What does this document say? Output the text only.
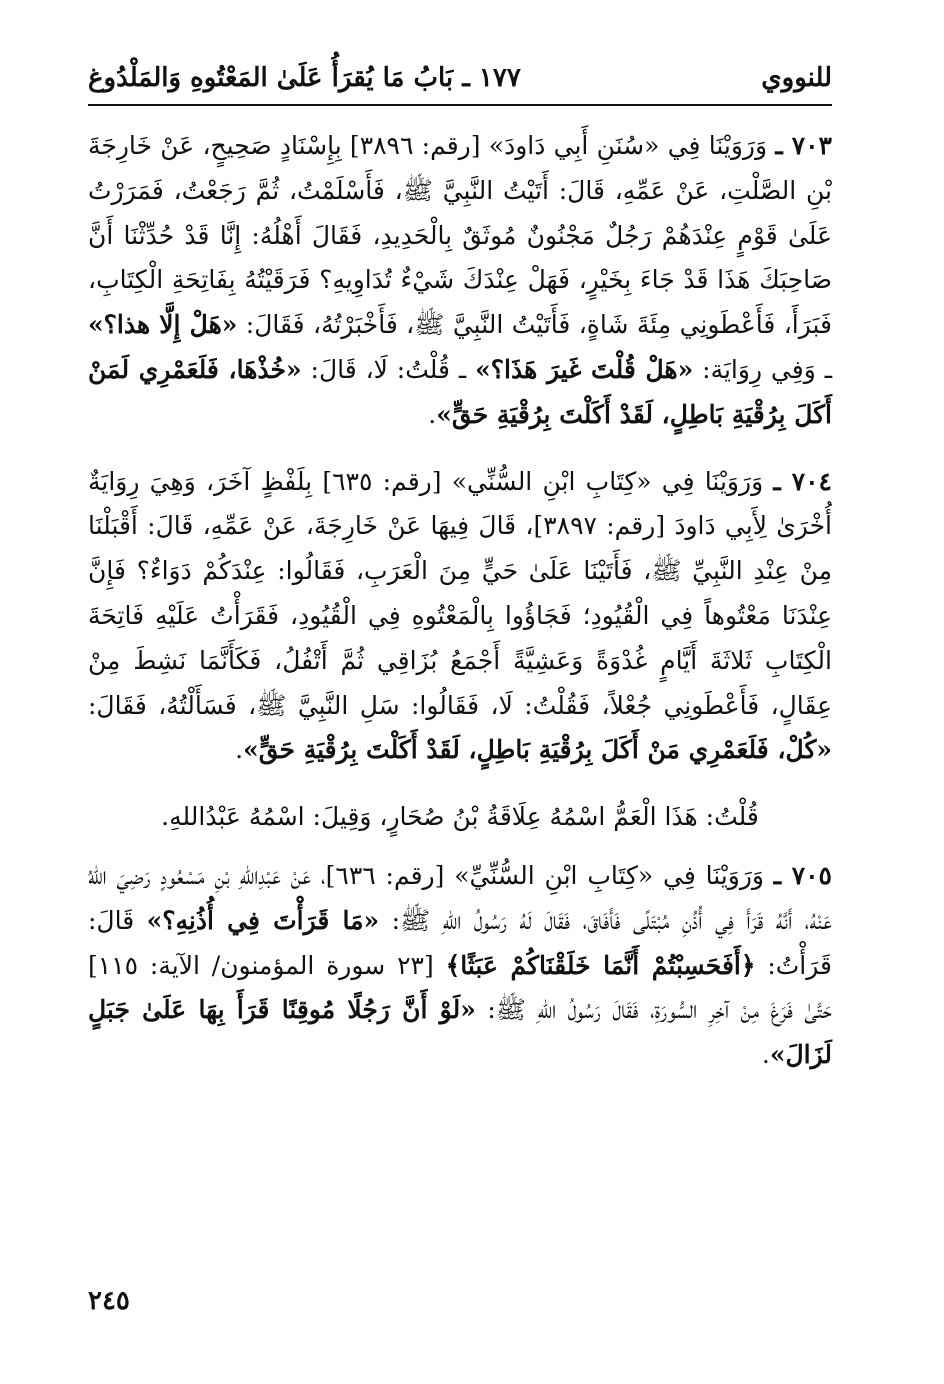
للنووي
١٧٧ ـ بَابُ مَا يُقرَأُ عَلَىٰ المَعْتُوهِ وَالمَلْدُوغ

٧٠٣ ـ وَرَوَيْنَا فِي «سُنَنِ أَبِي دَاودَ» [رقم: ٣٨٩٦] بِإِسْنَادٍ صَحِيحٍ، عَنْ خَارِجَةَ بْنِ الصَّلْتِ، عَنْ عَمِّهِ، قَالَ: أَتَيْتُ النَّبِيَّ ﷺ، فَأَسْلَمْتُ، ثُمَّ رَجَعْتُ، فَمَرَرْتُ عَلَىٰ قَوْمٍ عِنْدَهُمْ رَجُلٌ مَجْنُونٌ مُوثَقٌ بِالْحَدِيدِ، فَقَالَ أَهْلُهُ: إِنَّا قَدْ حُدِّثْنَا أَنَّ صَاحِبَكَ هَذَا قَدْ جَاءَ بِخَيْرٍ، فَهَلْ عِنْدَكَ شَيْءٌ تُدَاوِيهِ؟ فَرَقَيْتُهُ بِفَاتِحَةِ الْكِتَابِ، فَبَرَأَ، فَأَعْطَونِي مِئَةَ شَاةٍ، فَأَتَيْتُ النَّبِيَّ ﷺ، فَأَخْبَرْتُهُ، فَقَالَ: «هَلْ إِلَّا هذا؟» ـ وَفِي رِوَايَة: «هَلْ قُلْتَ غَيرَ هَذَا؟» ـ قُلْتُ: لَا، قَالَ: «خُذْهَا، فَلَعَمْرِي لَمَنْ أَكَلَ بِرُقْيَةِ بَاطِلٍ، لَقَدْ أَكَلْتَ بِرُقْيَةِ حَقٍّ».

٧٠٤ ـ وَرَوَيْنَا فِي «كِتَابِ ابْنِ السُّنِّي» [رقم: ٦٣٥] بِلَفْظٍ آخَرَ، وَهِيَ رِوَايَةٌ أُخْرَىٰ لِأَبِي دَاودَ [رقم: ٣٨٩٧]، قَالَ فِيهَا عَنْ خَارِجَةَ، عَنْ عَمِّهِ، قَالَ: أَقْبَلْنَا مِنْ عِنْدِ النَّبِيِّ ﷺ، فَأَتَيْنَا عَلَىٰ حَيٍّ مِنَ الْعَرَبِ، فَقَالُوا: عِنْدَكُمْ دَوَاءٌ؟ فَإِنَّ عِنْدَنَا مَعْتُوهاً فِي الْقُيُودِ؛ فَجَاؤُوا بِالْمَعْتُوهِ فِي الْقُيُودِ، فَقَرَأْتُ عَلَيْهِ فَاتِحَةَ الْكِتَابِ ثَلاثَةَ أَيَّامٍ غُدْوَةً وَعَشِيَّةً أَجْمَعُ بُزَاقِي ثُمَّ أَتْفُلُ، فَكَأَنَّمَا نَشِطَ مِنْ عِقَالٍ، فَأَعْطَونِي جُعْلاً، فَقُلْتُ: لَا، فَقَالُوا: سَلِ النَّبِيَّ ﷺ، فَسَأَلْتُهُ، فَقَالَ: «كُلْ، فَلَعَمْرِي مَنْ أَكَلَ بِرُقْيَةِ بَاطِلٍ، لَقَدْ أَكَلْتَ بِرُقْيَةِ حَقٍّ».

قُلْتُ: هَذَا الْعَمُّ اسْمُهُ عِلَاقَةُ بْنُ صُحَارٍ، وَقِيلَ: اسْمُهُ عَبْدُاللهِ.

٧٠٥ ـ وَرَوَيْنَا فِي «كِتَابِ ابْنِ السُّنِّيِّ» [رقم: ٦٣٦]، عَنْ عَبْدِاللهِ بْنِ مَسْعُودٍ رَضِيَ اللهُ عَنْهُ، أَنَّهُ قَرَأَ فِي أُذُنِ مُبْتَلًى فَأَفَاقَ، فَقَالَ لَهُ رَسُولُ اللهِ ﷺ: «مَا قَرَأْتَ فِي أُذُنِهِ؟» قَالَ: قَرَأْتُ: ﴿أَفَحَسِبْتُمْ أَنَّمَا خَلَقْنَاكُمْ عَبَثًا﴾ [٢٣ سورة المؤمنون/ الآية: ١١٥] حَتَّىٰ فَرَغَ مِنْ آخِرِ السُّورَةِ، فَقَالَ رَسُولُ اللهِ ﷺ: «لَوْ أَنَّ رَجُلًا مُوقِنًا قَرَأَ بِهَا عَلَىٰ جَبَلٍ لَزَالَ».

٢٤٥
